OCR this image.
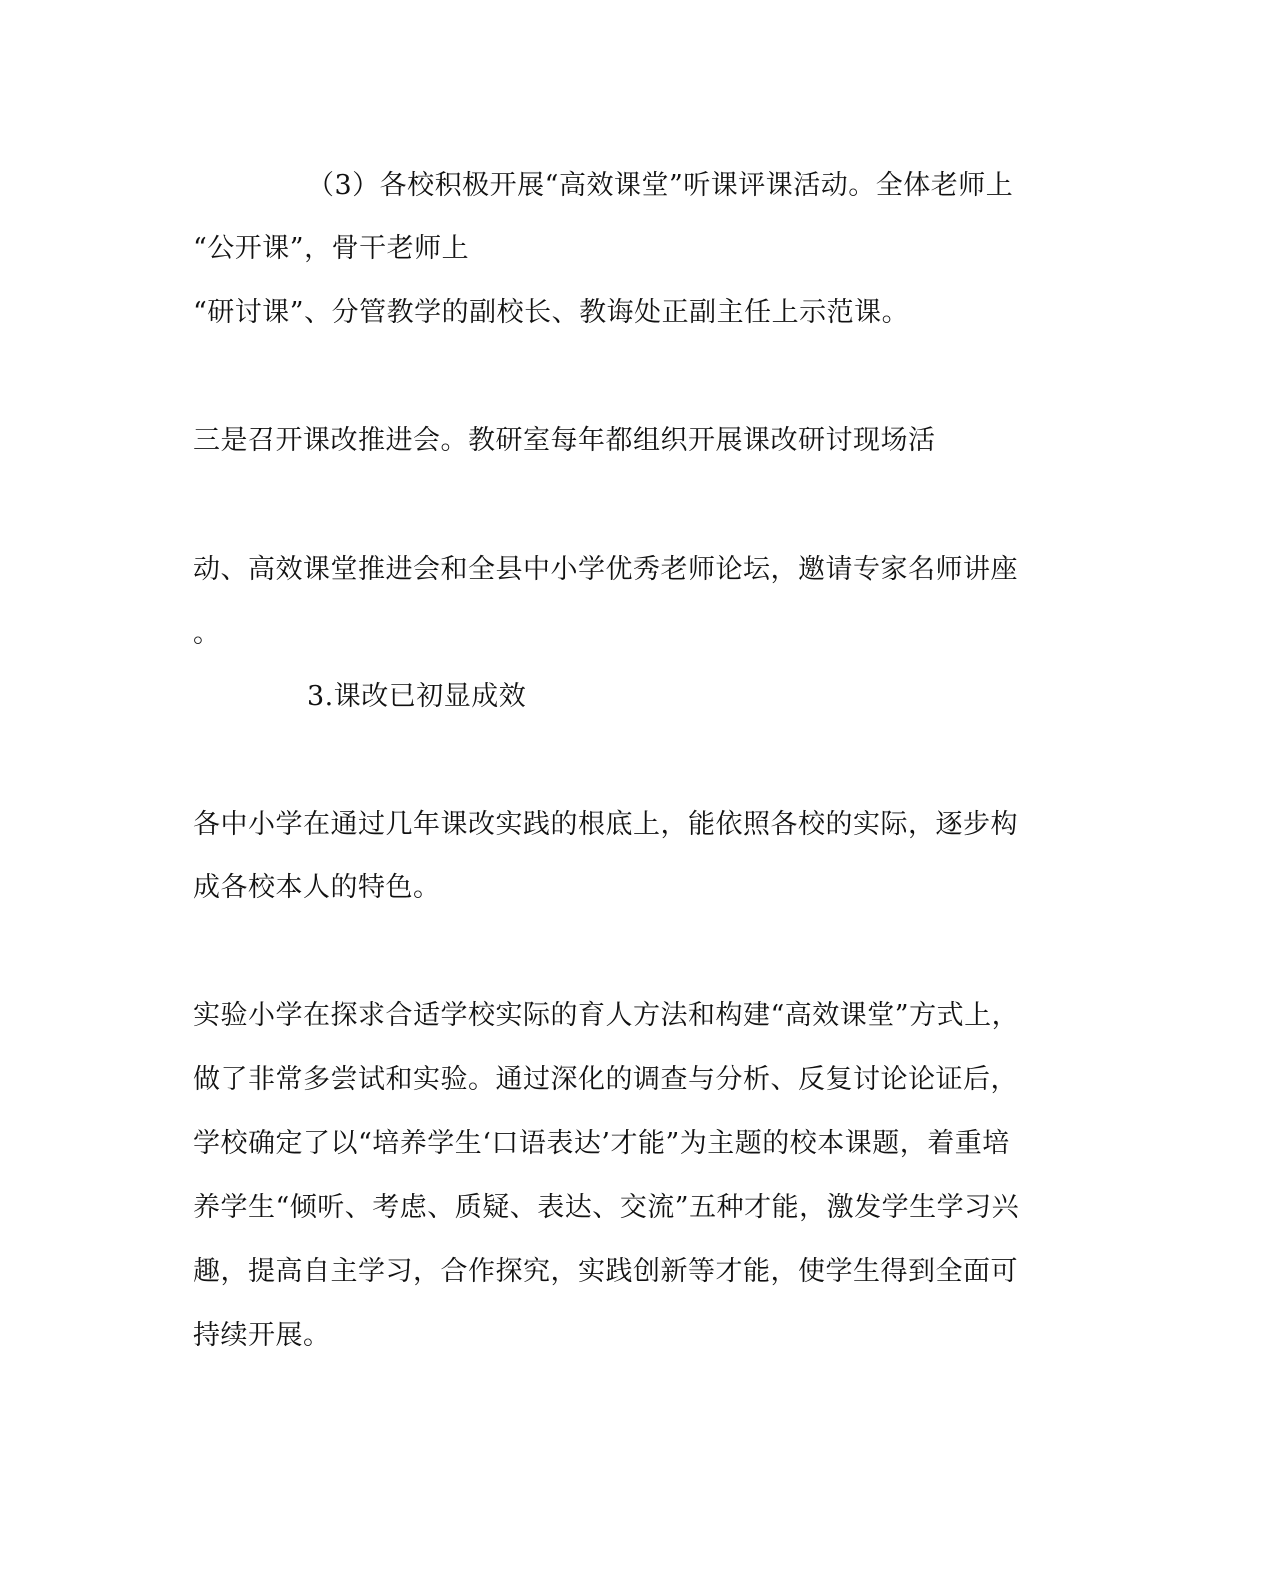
（3）各校积极开展“高效课堂”听课评课活动。全体老师上
“公开课”，骨干老师上
“研讨课”、分管教学的副校长、教诲处正副主任上示范课。
三是召开课改推进会。教研室每年都组织开展课改研讨现场活
动、高效课堂推进会和全县中小学优秀老师论坛，邀请专家名师讲座
。
3.课改已初显成效
各中小学在通过几年课改实践的根底上，能依照各校的实际，逐步构
成各校本人的特色。
实验小学在探求合适学校实际的育人方法和构建“高效课堂”方式上，
做了非常多尝试和实验。通过深化的调查与分析、反复讨论论证后，
学校确定了以“培养学生‘口语表达’才能”为主题的校本课题，着重培
养学生“倾听、考虑、质疑、表达、交流”五种才能，激发学生学习兴
趣，提高自主学习，合作探究，实践创新等才能，使学生得到全面可
持续开展。
